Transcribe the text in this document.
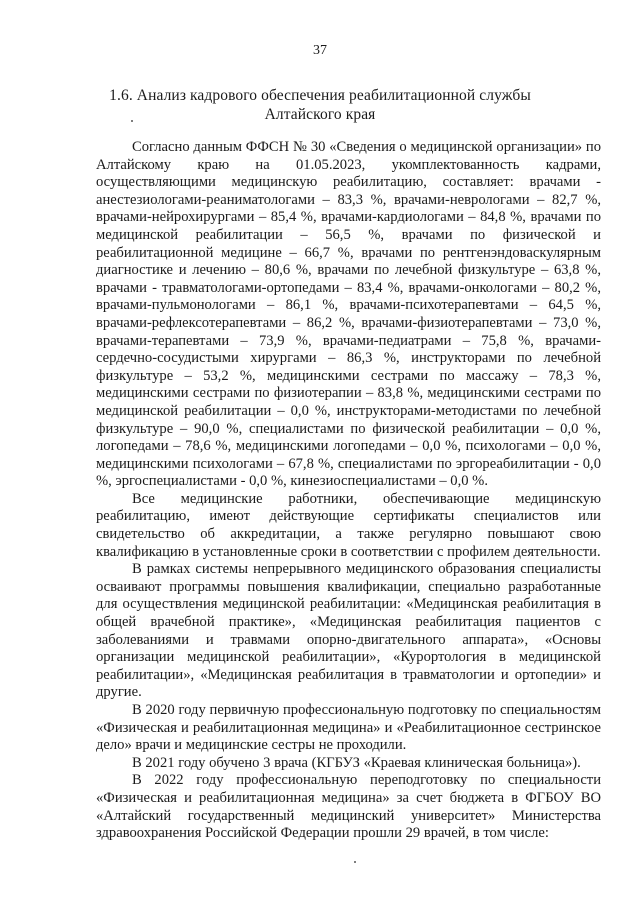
37
1.6. Анализ кадрового обеспечения реабилитационной службы
Алтайского края

Согласно данным ФФСН № 30 «Сведения о медицинской организации» по Алтайскому краю на 01.05.2023, укомплектованность кадрами, осуществляющими медицинскую реабилитацию, составляет: врачами - анестезиологами-реаниматологами – 83,3 %, врачами-неврологами – 82,7 %, врачами-нейрохирургами – 85,4 %, врачами-кардиологами – 84,8 %, врачами по медицинской реабилитации – 56,5 %, врачами по физической и реабилитационной медицине – 66,7 %, врачами по рентгенэндоваскулярным диагностике и лечению – 80,6 %, врачами по лечебной физкультуре – 63,8 %, врачами - травматологами-ортопедами – 83,4 %, врачами-онкологами – 80,2 %, врачами-пульмонологами – 86,1 %, врачами-психотерапевтами – 64,5 %, врачами-рефлексотерапевтами – 86,2 %, врачами-физиотерапевтами – 73,0 %, врачами-терапевтами – 73,9 %, врачами-педиатрами – 75,8 %, врачами-сердечно-сосудистыми хирургами – 86,3 %, инструкторами по лечебной физкультуре – 53,2 %, медицинскими сестрами по массажу – 78,3 %, медицинскими сестрами по физиотерапии – 83,8 %, медицинскими сестрами по медицинской реабилитации – 0,0 %, инструкторами-методистами по лечебной физкультуре – 90,0 %, специалистами по физической реабилитации – 0,0 %, логопедами – 78,6 %, медицинскими логопедами – 0,0 %, психологами – 0,0 %, медицинскими психологами – 67,8 %, специалистами по эргореабилитации - 0,0 %, эргоспециалистами - 0,0 %, кинезиоспециалистами – 0,0 %.

Все медицинские работники, обеспечивающие медицинскую реабилитацию, имеют действующие сертификаты специалистов или свидетельство об аккредитации, а также регулярно повышают свою квалификацию в установленные сроки в соответствии с профилем деятельности.

В рамках системы непрерывного медицинского образования специалисты осваивают программы повышения квалификации, специально разработанные для осуществления медицинской реабилитации: «Медицинская реабилитация в общей врачебной практике», «Медицинская реабилитация пациентов с заболеваниями и травмами опорно-двигательного аппарата», «Основы организации медицинской реабилитации», «Курортология в медицинской реабилитации», «Медицинская реабилитация в травматологии и ортопедии» и другие.

В 2020 году первичную профессиональную подготовку по специальностям «Физическая и реабилитационная медицина» и «Реабилитационное сестринское дело» врачи и медицинские сестры не проходили.

В 2021 году обучено 3 врача (КГБУЗ «Краевая клиническая больница»).

В 2022 году профессиональную переподготовку по специальности «Физическая и реабилитационная медицина» за счет бюджета в ФГБОУ ВО «Алтайский государственный медицинский университет» Министерства здравоохранения Российской Федерации прошли 29 врачей, в том числе:
